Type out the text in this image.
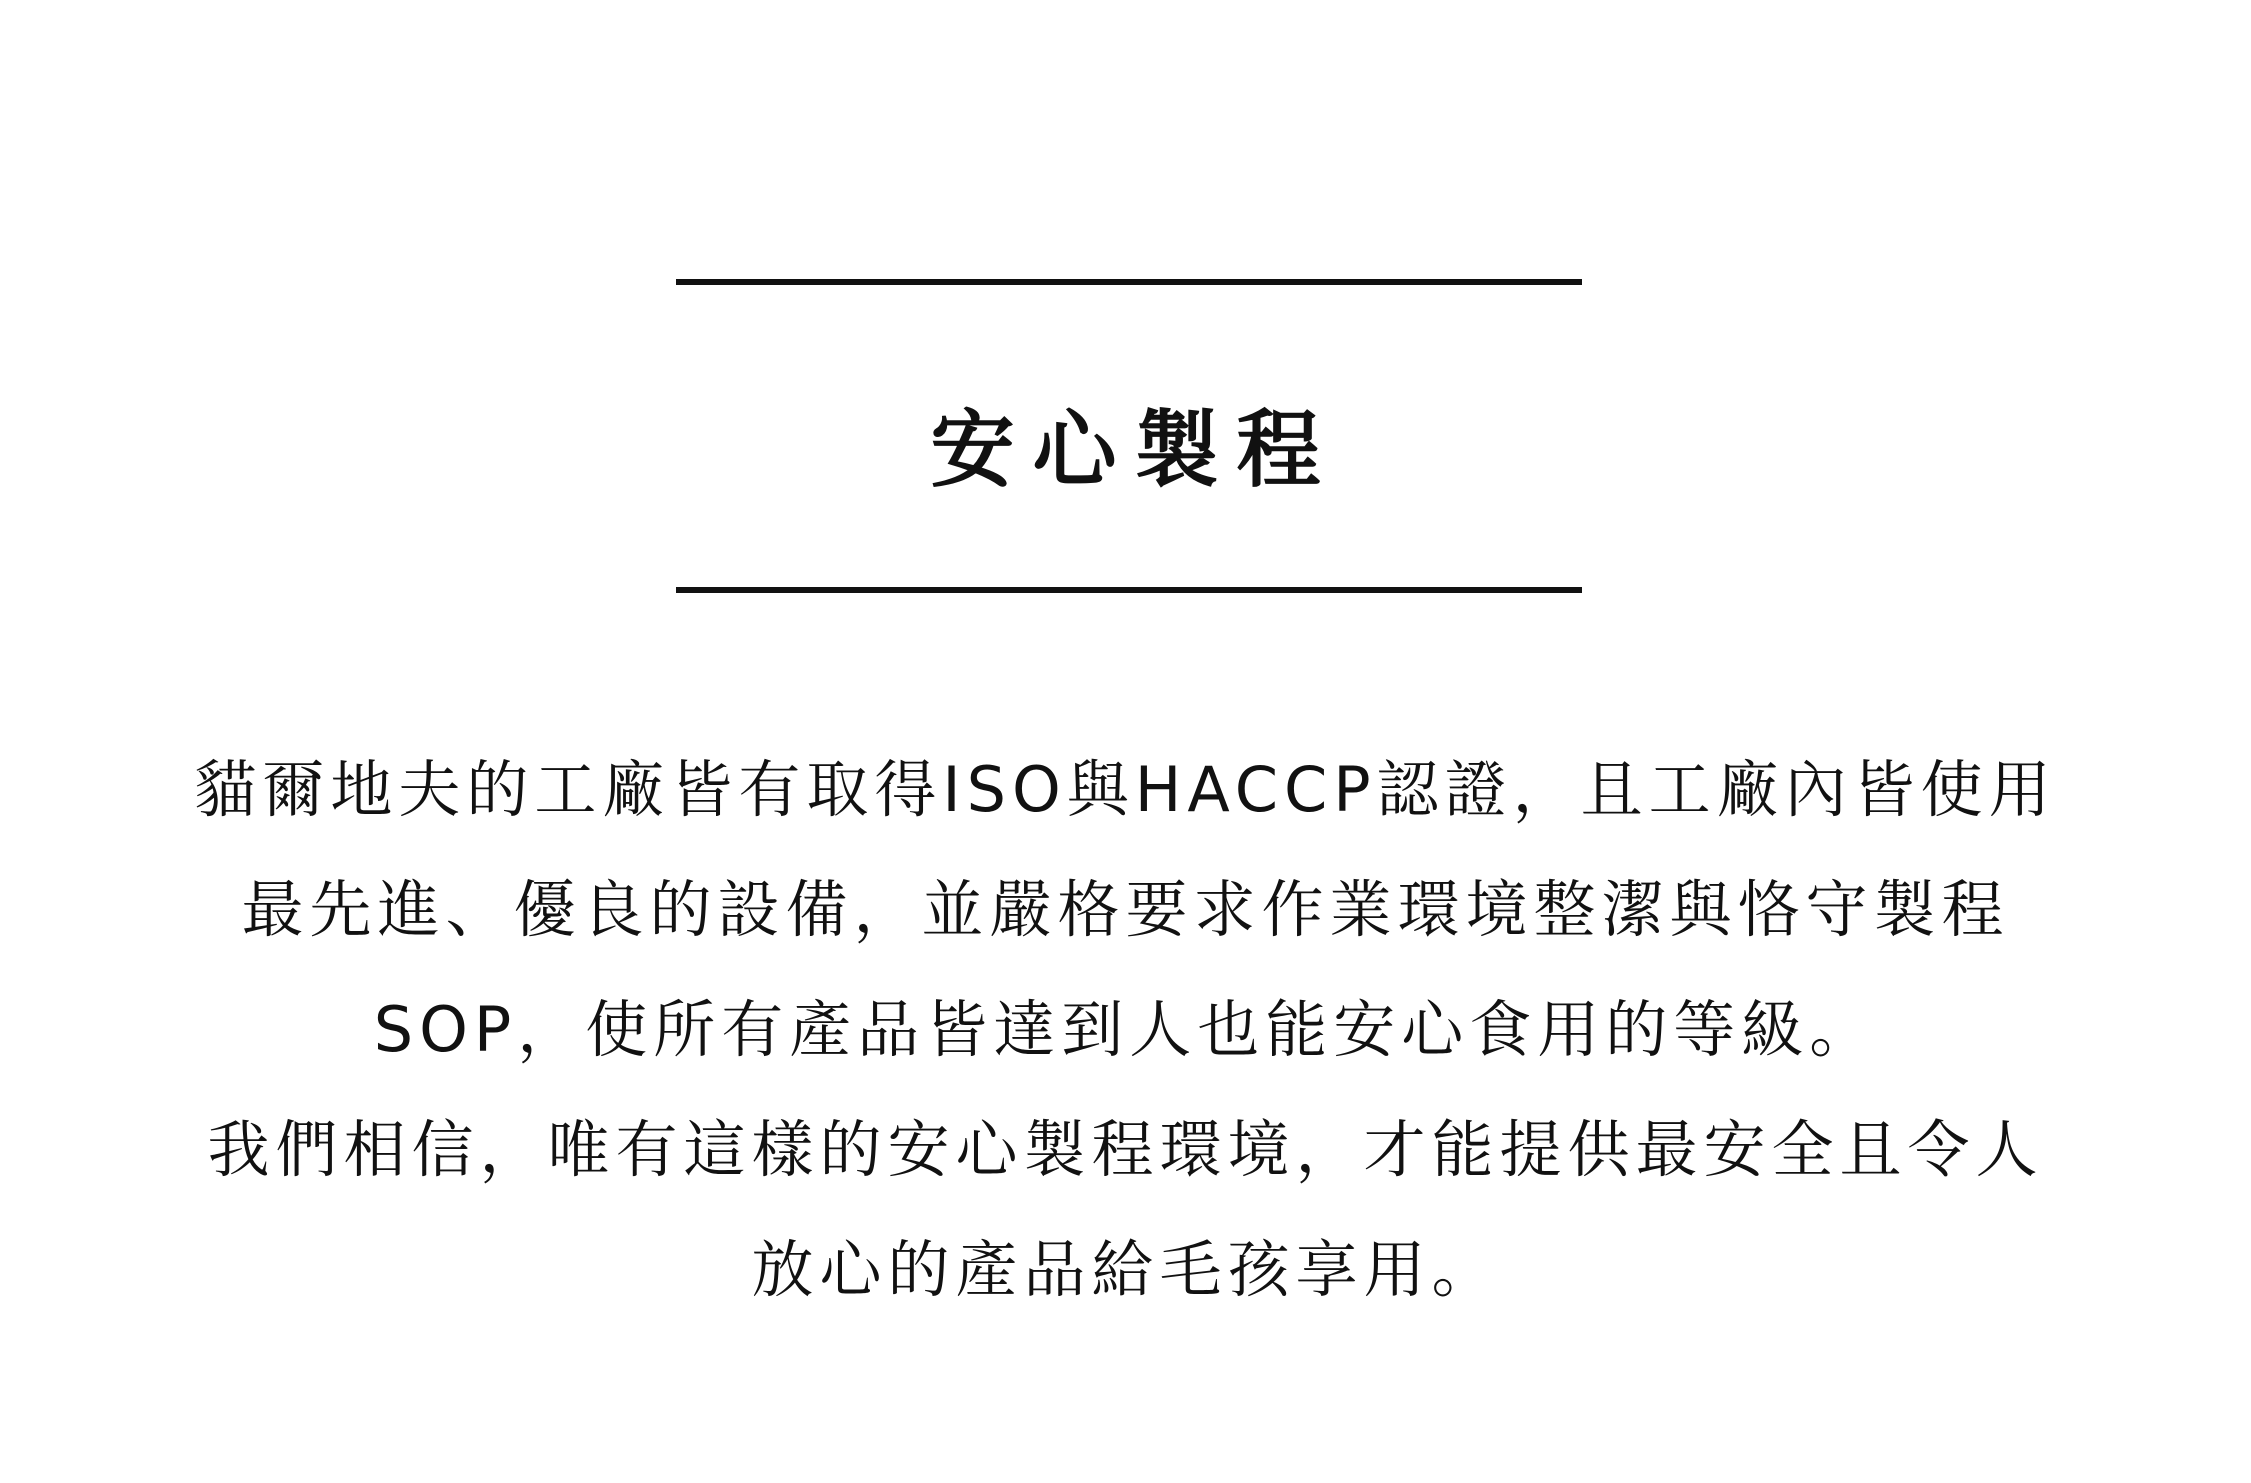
安心製程
貓爾地夫的工廠皆有取得ISO與HACCP認證，且工廠內皆使用
最先進、優良的設備，並嚴格要求作業環境整潔與恪守製程
SOP，使所有產品皆達到人也能安心食用的等級。
我們相信，唯有這樣的安心製程環境，才能提供最安全且令人
放心的產品給毛孩享用。
